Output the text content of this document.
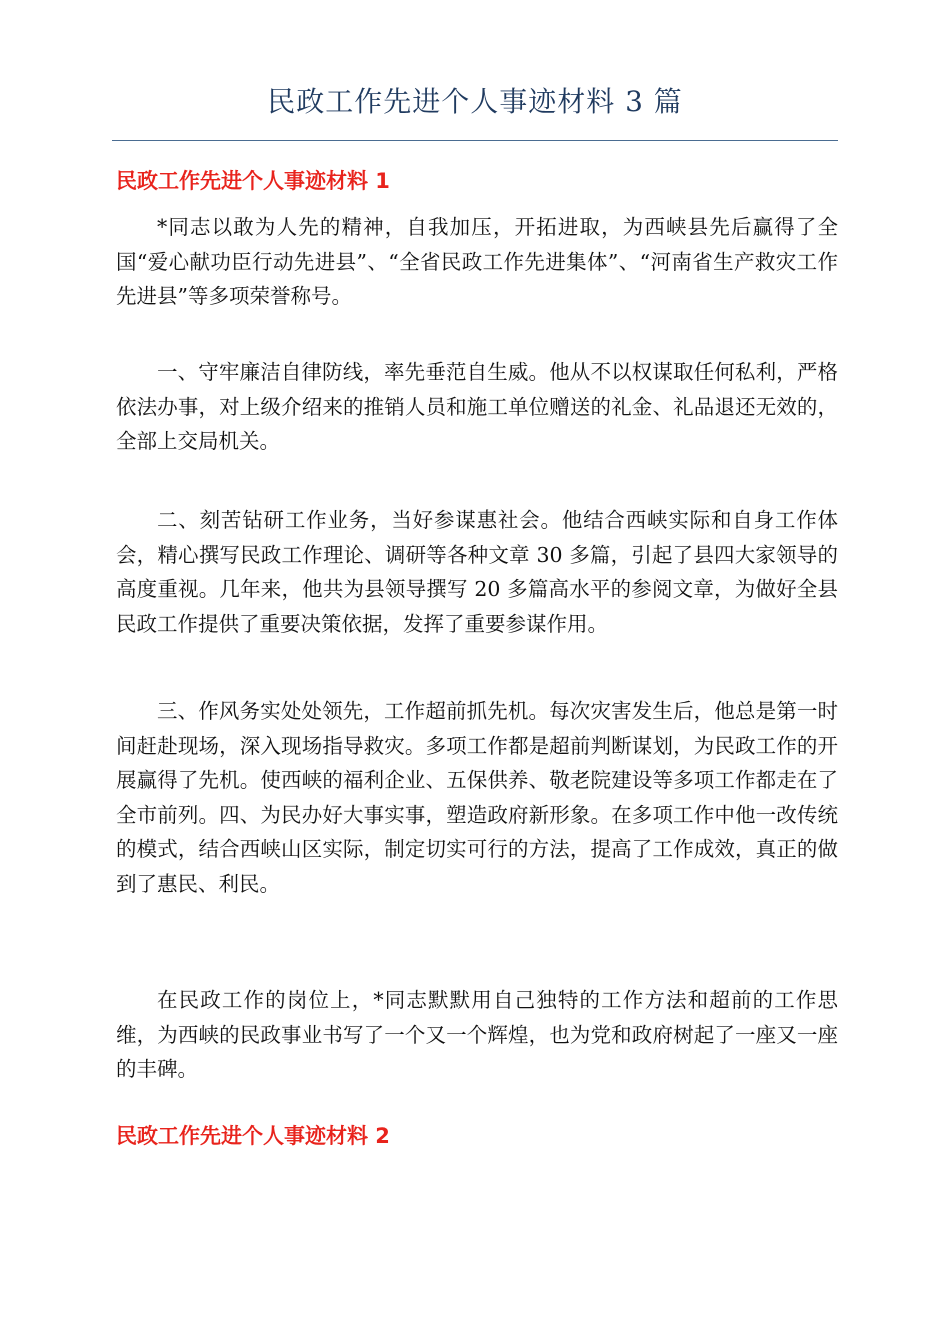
民政工作先进个人事迹材料 3 篇
民政工作先进个人事迹材料 1

*同志以敢为人先的精神，自我加压，开拓进取，为西峡县先后赢得了全国“爱心献功臣行动先进县”、“全省民政工作先进集体”、“河南省生产救灾工作先进县”等多项荣誉称号。

一、守牢廉洁自律防线，率先垂范自生威。他从不以权谋取任何私利，严格依法办事，对上级介绍来的推销人员和施工单位赠送的礼金、礼品退还无效的，全部上交局机关。

二、刻苦钻研工作业务，当好参谋惠社会。他结合西峡实际和自身工作体会，精心撰写民政工作理论、调研等各种文章 30 多篇，引起了县四大家领导的高度重视。几年来，他共为县领导撰写 20 多篇高水平的参阅文章，为做好全县民政工作提供了重要决策依据，发挥了重要参谋作用。

三、作风务实处处领先，工作超前抓先机。每次灾害发生后，他总是第一时间赶赴现场，深入现场指导救灾。多项工作都是超前判断谋划，为民政工作的开展赢得了先机。使西峡的福利企业、五保供养、敬老院建设等多项工作都走在了全市前列。四、为民办好大事实事，塑造政府新形象。在多项工作中他一改传统的模式，结合西峡山区实际，制定切实可行的方法，提高了工作成效，真正的做到了惠民、利民。

在民政工作的岗位上，*同志默默用自己独特的工作方法和超前的工作思维，为西峡的民政事业书写了一个又一个辉煌，也为党和政府树起了一座又一座的丰碑。

民政工作先进个人事迹材料 2
